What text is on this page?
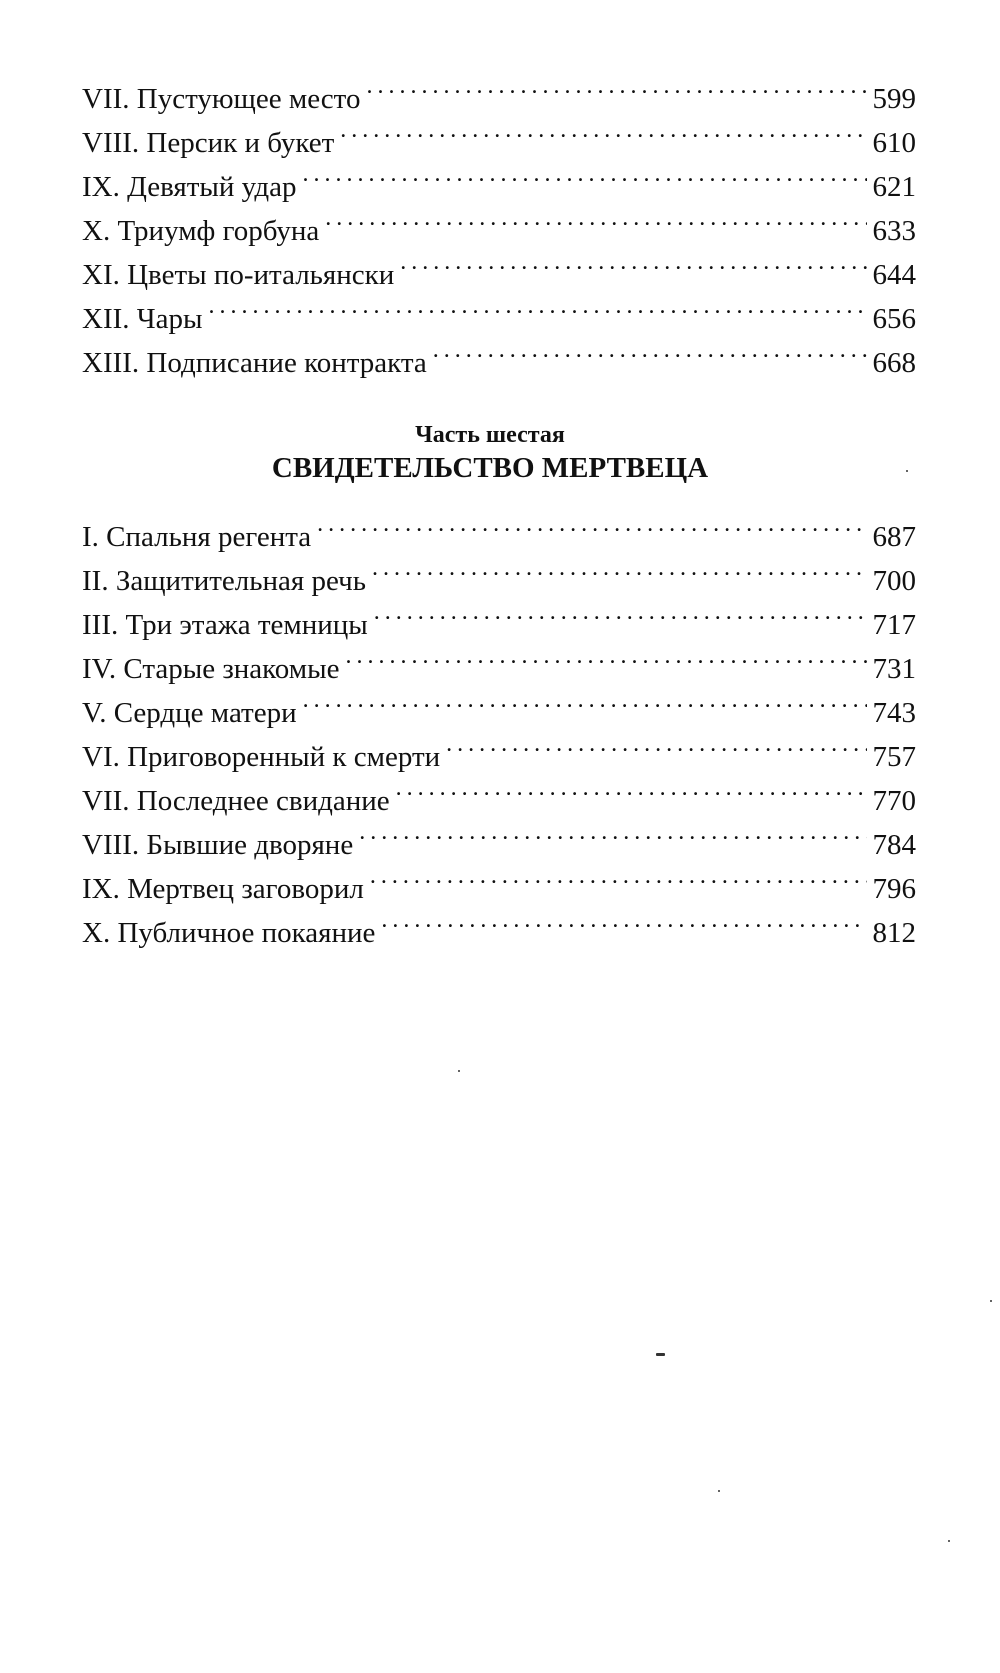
VII. Пустующее место . . .	599
VIII. Персик и букет . . .	610
IX. Девятый удар . . .	621
X. Триумф горбуна . . .	633
XI. Цветы по-итальянски . . .	644
XII. Чары . . .	656
XIII. Подписание контракта . . .	668
Часть шестая
СВИДЕТЕЛЬСТВО МЕРТВЕЦА
I. Спальня регента . . .	687
II. Защитительная речь . . .	700
III. Три этажа темницы . . .	717
IV. Старые знакомые . . .	731
V. Сердце матери . . .	743
VI. Приговоренный к смерти . . .	757
VII. Последнее свидание . . .	770
VIII. Бывшие дворяне . . .	784
IX. Мертвец заговорил . . .	796
X. Публичное покаяние . . .	812
